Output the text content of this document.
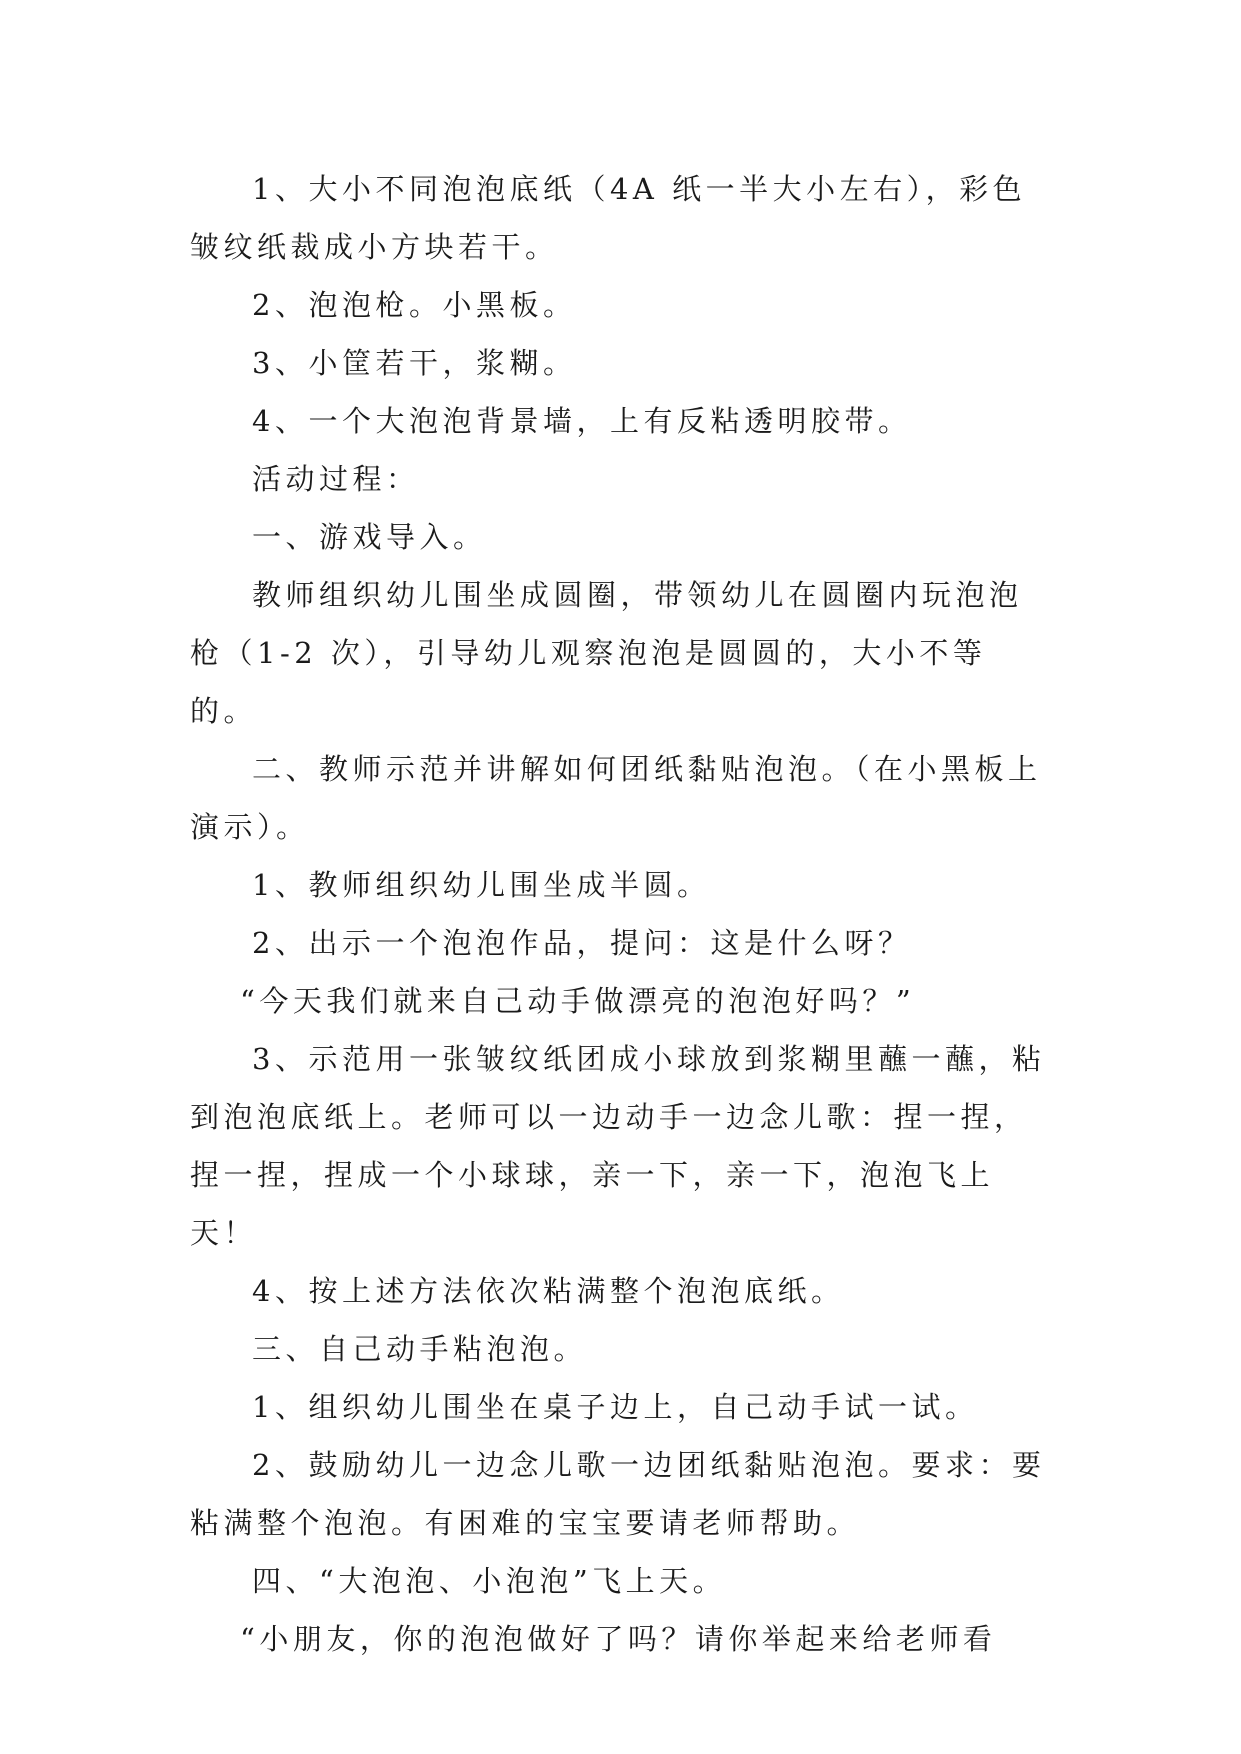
1、大小不同泡泡底纸（4A 纸一半大小左右），彩色皱纹纸裁成小方块若干。

2、泡泡枪。小黑板。

3、小筐若干，浆糊。

4、一个大泡泡背景墙，上有反粘透明胶带。

活动过程：

一、游戏导入。

教师组织幼儿围坐成圆圈，带领幼儿在圆圈内玩泡泡枪（1-2 次），引导幼儿观察泡泡是圆圆的，大小不等的。

二、教师示范并讲解如何团纸黏贴泡泡。（在小黑板上演示）。

1、教师组织幼儿围坐成半圆。

2、出示一个泡泡作品，提问：这是什么呀？

“今天我们就来自己动手做漂亮的泡泡好吗？”

3、示范用一张皱纹纸团成小球放到浆糊里蘸一蘸，粘到泡泡底纸上。老师可以一边动手一边念儿歌：捏一捏，捏一捏，捏成一个小球球，亲一下，亲一下，泡泡飞上天！

4、按上述方法依次粘满整个泡泡底纸。

三、自己动手粘泡泡。

1、组织幼儿围坐在桌子边上，自己动手试一试。

2、鼓励幼儿一边念儿歌一边团纸黏贴泡泡。要求：要粘满整个泡泡。有困难的宝宝要请老师帮助。

四、“大泡泡、小泡泡”飞上天。

“小朋友，你的泡泡做好了吗？请你举起来给老师看
